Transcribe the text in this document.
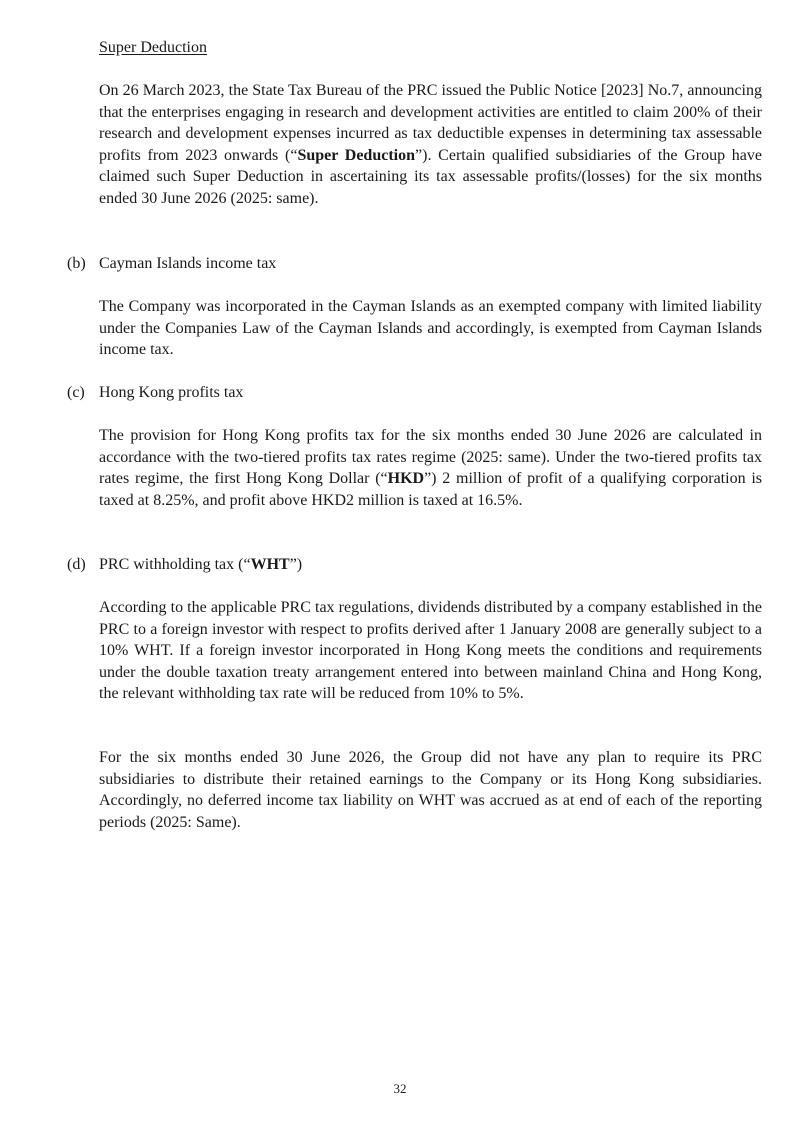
Super Deduction

On 26 March 2023, the State Tax Bureau of the PRC issued the Public Notice [2023] No.7, announcing that the enterprises engaging in research and development activities are entitled to claim 200% of their research and development expenses incurred as tax deductible expenses in determining tax assessable profits from 2023 onwards (“Super Deduction”). Certain qualified subsidiaries of the Group have claimed such Super Deduction in ascertaining its tax assessable profits/(losses) for the six months ended 30 June 2026 (2025: same).

(b) Cayman Islands income tax

The Company was incorporated in the Cayman Islands as an exempted company with limited liability under the Companies Law of the Cayman Islands and accordingly, is exempted from Cayman Islands income tax.

(c) Hong Kong profits tax

The provision for Hong Kong profits tax for the six months ended 30 June 2026 are calculated in accordance with the two-tiered profits tax rates regime (2025: same). Under the two-tiered profits tax rates regime, the first Hong Kong Dollar (“HKD”) 2 million of profit of a qualifying corporation is taxed at 8.25%, and profit above HKD2 million is taxed at 16.5%.

(d) PRC withholding tax (“WHT”)

According to the applicable PRC tax regulations, dividends distributed by a company established in the PRC to a foreign investor with respect to profits derived after 1 January 2008 are generally subject to a 10% WHT. If a foreign investor incorporated in Hong Kong meets the conditions and requirements under the double taxation treaty arrangement entered into between mainland China and Hong Kong, the relevant withholding tax rate will be reduced from 10% to 5%.

For the six months ended 30 June 2026, the Group did not have any plan to require its PRC subsidiaries to distribute their retained earnings to the Company or its Hong Kong subsidiaries. Accordingly, no deferred income tax liability on WHT was accrued as at end of each of the reporting periods (2025: Same).

32
